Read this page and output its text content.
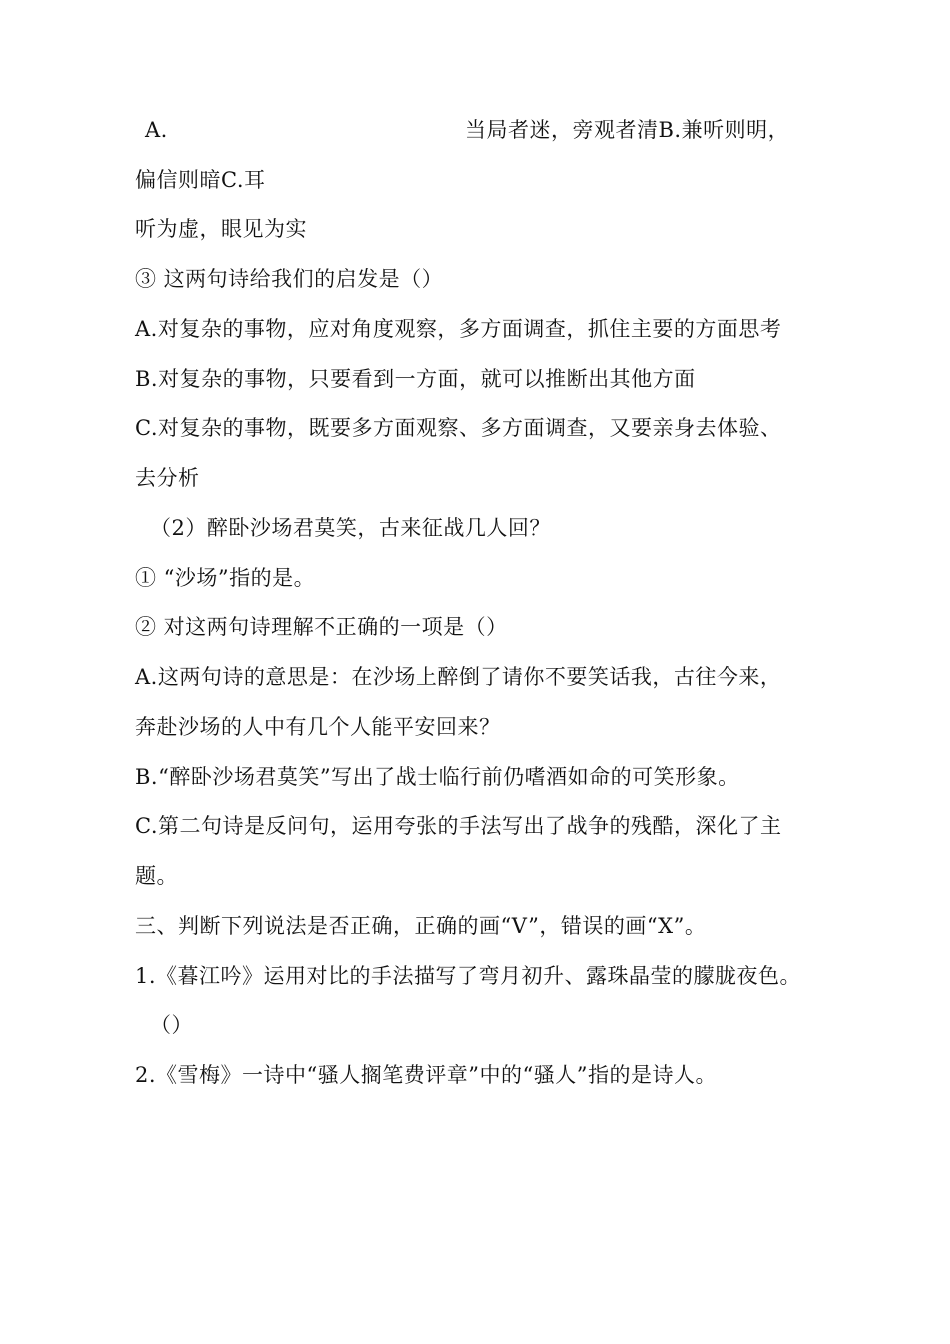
A.	当局者迷，旁观者清B.兼听则明，
偏信则暗C.耳
听为虚，眼见为实
③ 这两句诗给我们的启发是（）
A.对复杂的事物，应对角度观察，多方面调查，抓住主要的方面思考
B.对复杂的事物，只要看到一方面，就可以推断出其他方面
C.对复杂的事物，既要多方面观察、多方面调查，又要亲身去体验、
去分析
（2）醉卧沙场君莫笑，古来征战几人回？
① “沙场”指的是。
② 对这两句诗理解不正确的一项是（）
A.这两句诗的意思是：在沙场上醉倒了请你不要笑话我，古往今来，
奔赴沙场的人中有几个人能平安回来？
B.“醉卧沙场君莫笑”写出了战士临行前仍嗜酒如命的可笑形象。
C.第二句诗是反问句，运用夸张的手法写出了战争的残酷，深化了主
题。
三、判断下列说法是否正确，正确的画“V”，错误的画“X”。
1.《暮江吟》运用对比的手法描写了弯月初升、露珠晶莹的朦胧夜色。
（）
2.《雪梅》一诗中“骚人搁笔费评章”中的“骚人”指的是诗人。
